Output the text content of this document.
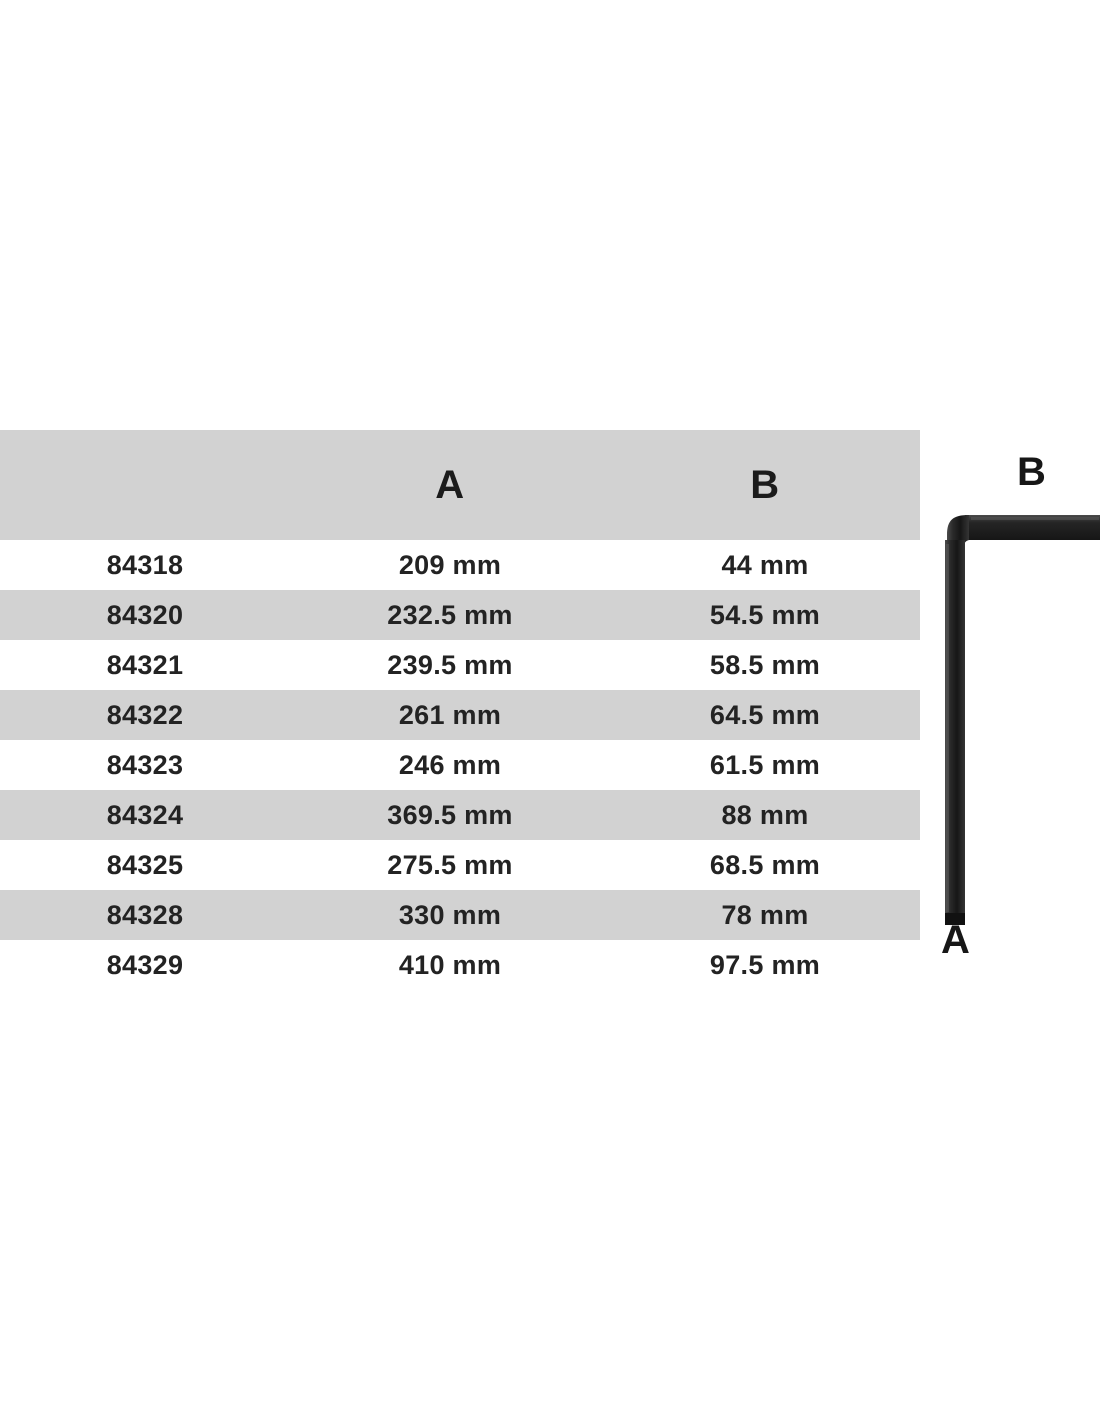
	A	B
84318	209 mm	44 mm
84320	232.5 mm	54.5 mm
84321	239.5 mm	58.5 mm
84322	261 mm	64.5 mm
84323	246 mm	61.5 mm
84324	369.5 mm	88 mm
84325	275.5 mm	68.5 mm
84328	330 mm	78 mm
84329	410 mm	97.5 mm
B
A
